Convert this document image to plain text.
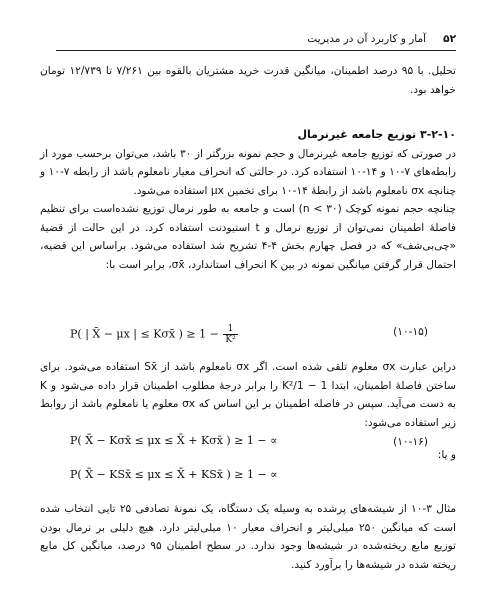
۵۲
آمار و کاربرد آن در مدیریت

تحلیل. با ۹۵ درصد اطمینان، میانگین قدرت خرید مشتریان بالقوه بین ۷/۲۶۱ تا ۱۲/۷۳۹ تومان خواهد بود.

۳-۲-۱۰ توزیع جامعه غیرنرمال

در صورتی که توزیع جامعه غیرنرمال و حجم نمونه بزرگتر از ۳۰ باشد، می‌توان برحسب مورد از رابطه‌های ۷-۱۰ و ۱۴-۱۰ استفاده کرد. در حالتی که انحراف معیار نامعلوم باشد از رابطه ۷-۱۰ و چنانچه σx نامعلوم باشد از رابطهٔ ۱۴-۱۰ برای تخمین μx استفاده می‌شود.

چنانچه حجم نمونه کوچک (n < ۳۰) است و جامعه به طور نرمال توزیع نشده‌است برای تنظیم فاصلهٔ اطمینان نمی‌توان از توزیع نرمال و t استیودنت استفاده کرد. در این حالت از قضیهٔ «چی‌بی‌شف» که در فصل چهارم بخش ۴-۴ تشریح شد استفاده می‌شود. براساس این قضیه، احتمال قرار گرفتن میانگین نمونه در بین K انحراف استاندارد، σx̄، برابر است با:

(۱۰-۱۵)
P( | X̄ − μx | ≤ Kσx̄ ) ≥ $1 - \frac{1}{\text{K²}}$

دراین عبارت σx معلوم تلقی شده است. اگر σx نامعلوم باشد از Sx̄ استفاده می‌شود. برای ساختن فاصلهٔ اطمینان، ابتدا 1 − 1/K² را برابر درجهٔ مطلوب اطمینان قرار داده می‌شود و K به دست می‌آید. سپس در فاصله اطمینان بر این اساس که σx معلوم یا نامعلوم باشد از روابط زیر استفاده می‌شود:

(۱۰-۱۶)
P( X̄ − Kσx̄ ≤ μx ≤ X̄ + Kσx̄ ) ≥ 1 − ∝
و یا:
P( X̄ − KSx̄ ≤ μx ≤ X̄ + KSx̄ ) ≥ 1 − ∝

مثال ۳-۱۰ از شیشه‌های پرشده به وسیله یک دستگاه، یک نمونهٔ تصادفی ۲۵ تایی انتخاب شده است که میانگین ۲۵۰ میلی‌لیتر و انحراف معیار ۱۰ میلی‌لیتر دارد. هیچ دلیلی بر نرمال بودن توزیع مایع ریخته‌شده در شیشه‌ها وجود ندارد. در سطح اطمینان ۹۵ درصد، میانگین کل مایع ریخته شده در شیشه‌ها را برآورد کنید.
